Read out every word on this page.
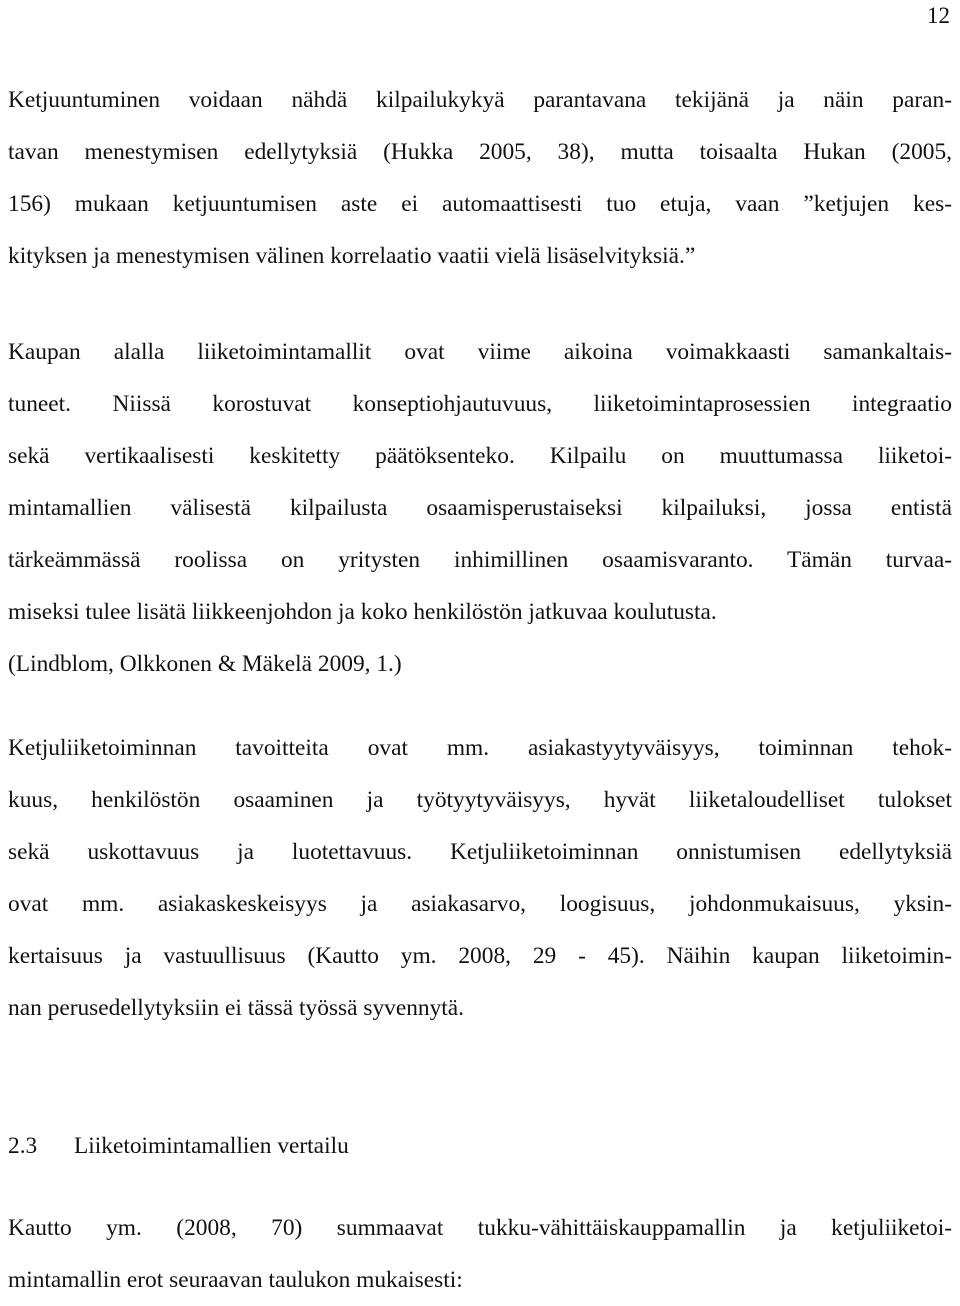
12
Ketjuuntuminen voidaan nähdä kilpailukykyä parantavana tekijänä ja näin paran-
tavan menestymisen edellytyksiä (Hukka 2005, 38), mutta toisaalta Hukan (2005,
156) mukaan ketjuuntumisen aste ei automaattisesti tuo etuja, vaan ”ketjujen kes-
kityksen ja menestymisen välinen korrelaatio vaatii vielä lisäselvityksiä.”
Kaupan alalla liiketoimintamallit ovat viime aikoina voimakkaasti samankaltais-
tuneet. Niissä korostuvat konseptiohjautuvuus, liiketoimintaprosessien integraatio
sekä vertikaalisesti keskitetty päätöksenteko. Kilpailu on muuttumassa liiketoi-
mintamallien välisestä kilpailusta osaamisperustaiseksi kilpailuksi, jossa entistä
tärkeämmässä roolissa on yritysten inhimillinen osaamisvaranto. Tämän turvaa-
miseksi tulee lisätä liikkeenjohdon ja koko henkilöstön jatkuvaa koulutusta.
(Lindblom, Olkkonen & Mäkelä 2009, 1.)
Ketjuliiketoiminnan tavoitteita ovat mm. asiakastyytyväisyys, toiminnan tehok-
kuus, henkilöstön osaaminen ja työtyytyväisyys, hyvät liiketaloudelliset tulokset
sekä uskottavuus ja luotettavuus. Ketjuliiketoiminnan onnistumisen edellytyksiä
ovat mm. asiakaskeskeisyys ja asiakasarvo, loogisuus, johdonmukaisuus, yksin-
kertaisuus ja vastuullisuus (Kautto ym. 2008, 29 - 45). Näihin kaupan liiketoimin-
nan perusedellytyksiin ei tässä työssä syvennytä.
2.3 Liiketoimintamallien vertailu
Kautto ym. (2008, 70) summaavat tukku-vähittäiskauppamallin ja ketjuliiketoi-
mintamallin erot seuraavan taulukon mukaisesti:
